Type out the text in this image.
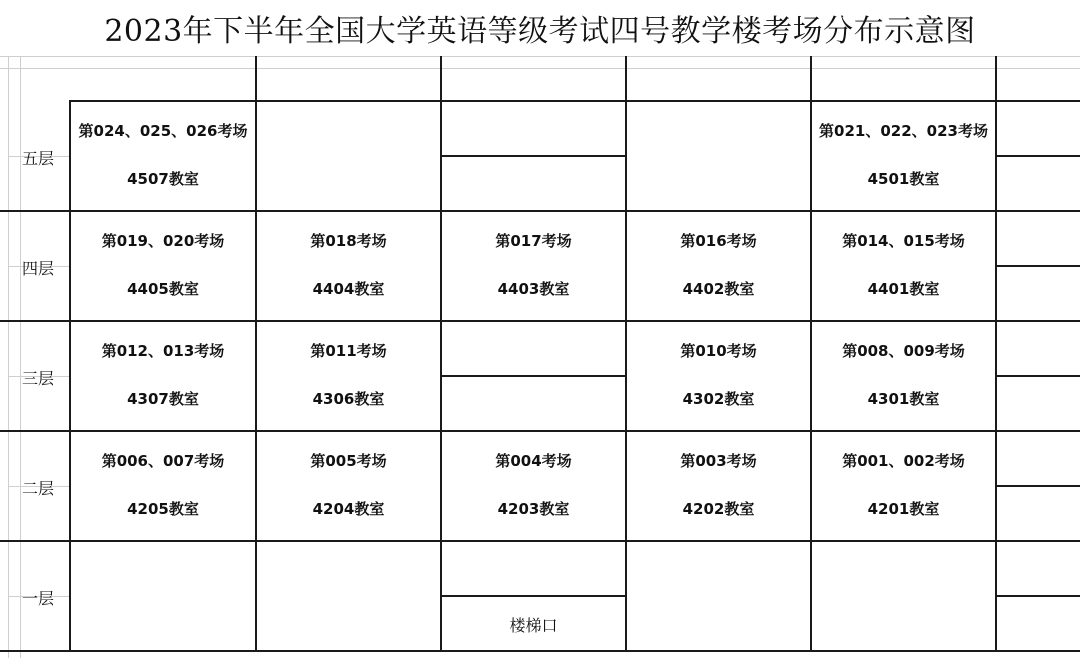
2023年下半年全国大学英语等级考试四号教学楼考场分布示意图
五层
四层
三层
二层
一层
第024、025、026考场
4507教室
第021、022、023考场
4501教室
第019、020考场
4405教室
第018考场
4404教室
第017考场
4403教室
第016考场
4402教室
第014、015考场
4401教室
第012、013考场
4307教室
第011考场
4306教室
第010考场
4302教室
第008、009考场
4301教室
第006、007考场
4205教室
第005考场
4204教室
第004考场
4203教室
第003考场
4202教室
第001、002考场
4201教室
楼梯口
